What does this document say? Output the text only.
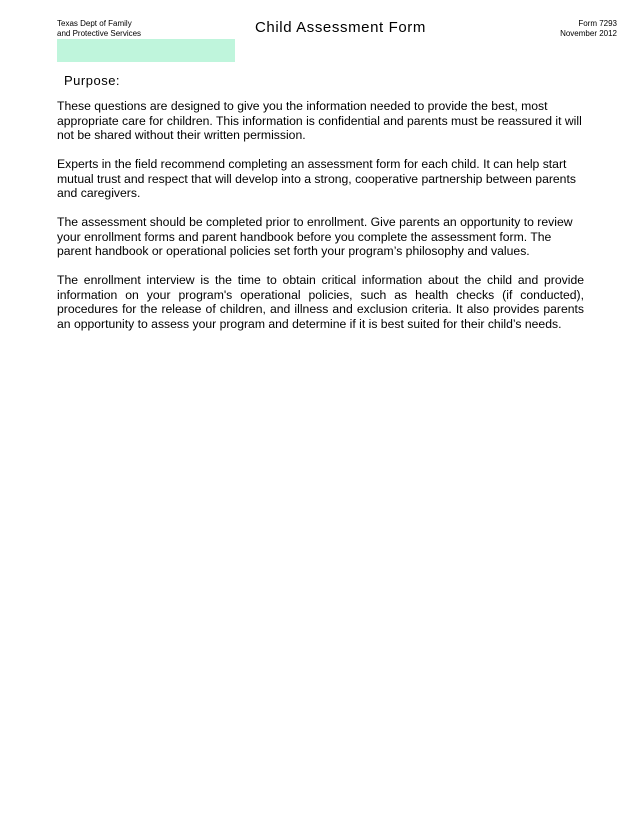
Texas Dept of Family
and Protective Services	Child Assessment Form	Form 7293
November 2012
Purpose:

These questions are designed to give you the information needed to provide the best, most appropriate care for children. This information is confidential and parents must be reassured it will not be shared without their written permission.

Experts in the field recommend completing an assessment form for each child. It can help start mutual trust and respect that will develop into a strong, cooperative partnership between parents and caregivers.

The assessment should be completed prior to enrollment. Give parents an opportunity to review your enrollment forms and parent handbook before you complete the assessment form. The parent handbook or operational policies set forth your program’s philosophy and values.

The enrollment interview is the time to obtain critical information about the child and provide information on your program's operational policies, such as health checks (if conducted), procedures for the release of children, and illness and exclusion criteria. It also provides parents an opportunity to assess your program and determine if it is best suited for their child’s needs.
